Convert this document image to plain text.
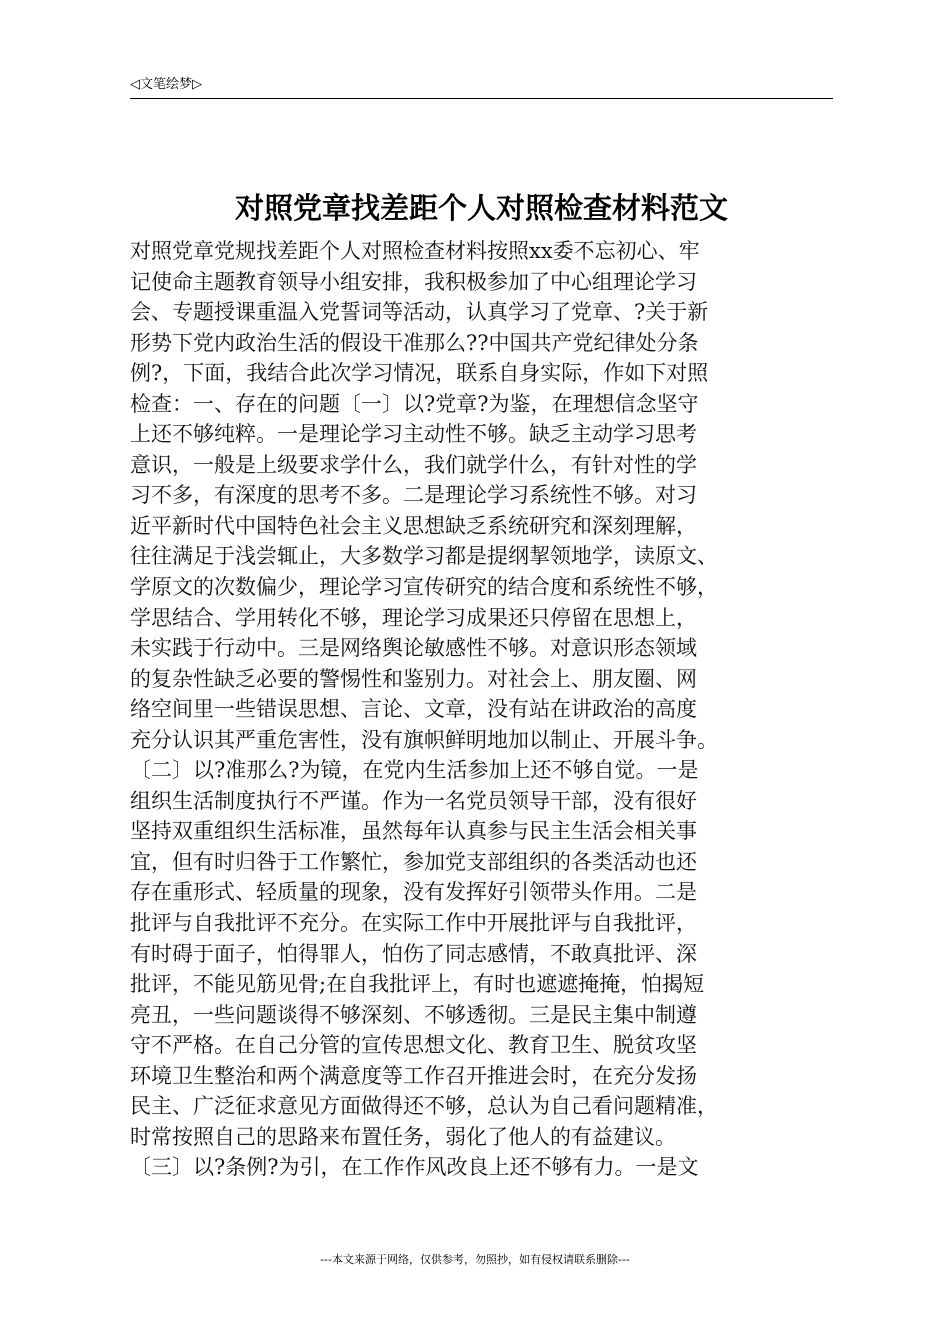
◁文笔绘梦▷
对照党章找差距个人对照检查材料范文
对照党章党规找差距个人对照检查材料按照xx委不忘初心、牢
记使命主题教育领导小组安排，我积极参加了中心组理论学习
会、专题授课重温入党誓词等活动，认真学习了党章、?关于新
形势下党内政治生活的假设干准那么??中国共产党纪律处分条
例?，下面，我结合此次学习情况，联系自身实际，作如下对照
检查：一、存在的问题〔一〕以?党章?为鉴，在理想信念坚守
上还不够纯粹。一是理论学习主动性不够。缺乏主动学习思考
意识，一般是上级要求学什么，我们就学什么，有针对性的学
习不多，有深度的思考不多。二是理论学习系统性不够。对习
近平新时代中国特色社会主义思想缺乏系统研究和深刻理解，
往往满足于浅尝辄止，大多数学习都是提纲挈领地学，读原文、
学原文的次数偏少，理论学习宣传研究的结合度和系统性不够，
学思结合、学用转化不够，理论学习成果还只停留在思想上，
未实践于行动中。三是网络舆论敏感性不够。对意识形态领域
的复杂性缺乏必要的警惕性和鉴别力。对社会上、朋友圈、网
络空间里一些错误思想、言论、文章，没有站在讲政治的高度
充分认识其严重危害性，没有旗帜鲜明地加以制止、开展斗争。
〔二〕以?准那么?为镜，在党内生活参加上还不够自觉。一是
组织生活制度执行不严谨。作为一名党员领导干部，没有很好
坚持双重组织生活标准，虽然每年认真参与民主生活会相关事
宜，但有时归咎于工作繁忙，参加党支部组织的各类活动也还
存在重形式、轻质量的现象，没有发挥好引领带头作用。二是
批评与自我批评不充分。在实际工作中开展批评与自我批评，
有时碍于面子，怕得罪人，怕伤了同志感情，不敢真批评、深
批评，不能见筋见骨;在自我批评上，有时也遮遮掩掩，怕揭短
亮丑，一些问题谈得不够深刻、不够透彻。三是民主集中制遵
守不严格。在自己分管的宣传思想文化、教育卫生、脱贫攻坚
环境卫生整治和两个满意度等工作召开推进会时，在充分发扬
民主、广泛征求意见方面做得还不够，总认为自己看问题精准，
时常按照自己的思路来布置任务，弱化了他人的有益建议。
〔三〕以?条例?为引，在工作作风改良上还不够有力。一是文
---本文来源于网络，仅供参考，勿照抄，如有侵权请联系删除---
